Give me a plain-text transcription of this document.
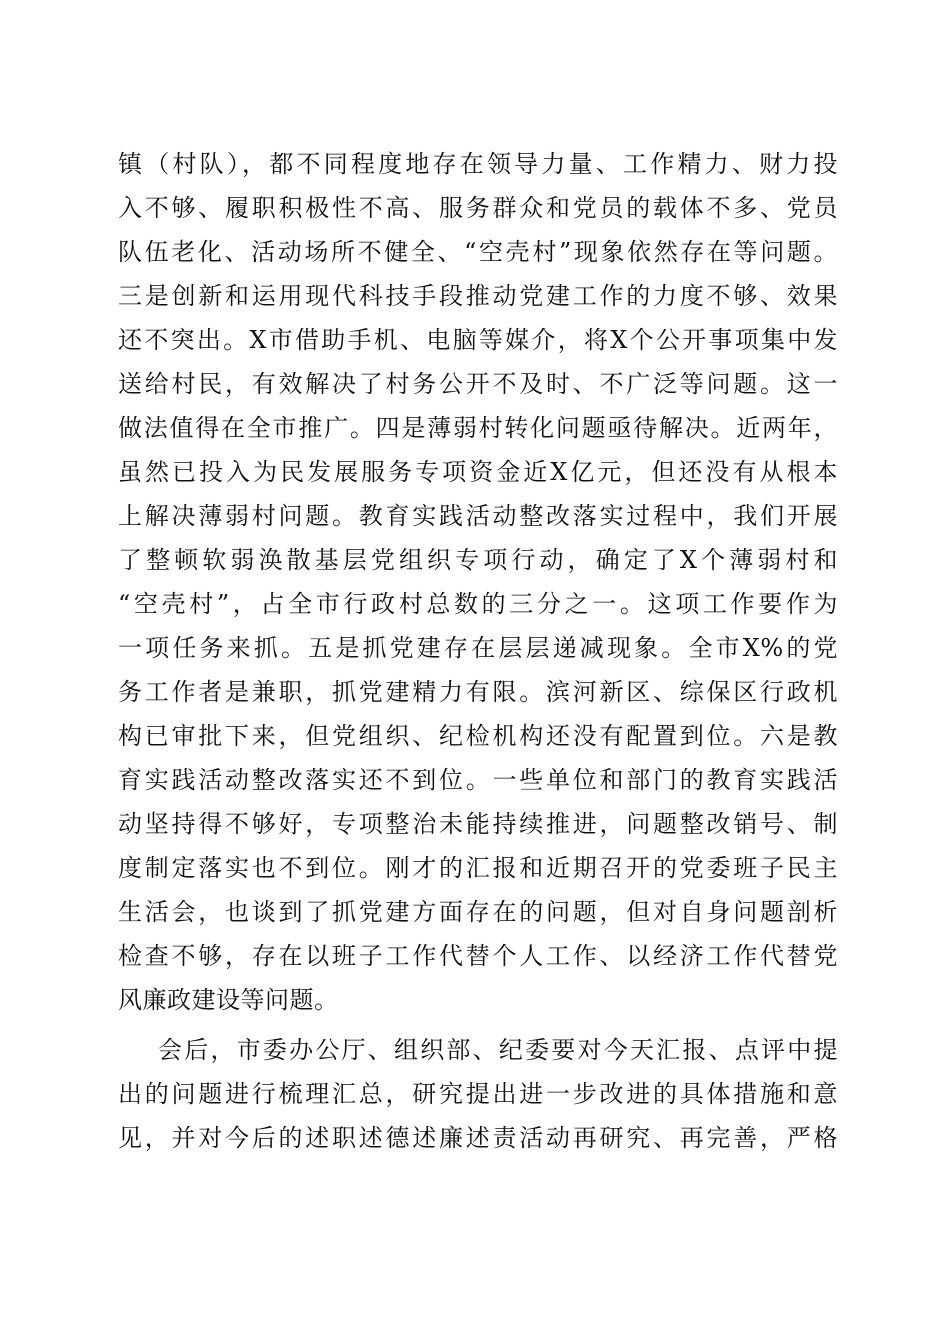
镇（村队），都不同程度地存在领导力量、工作精力、财力投
入不够、履职积极性不高、服务群众和党员的载体不多、党员
队伍老化、活动场所不健全、“空壳村”现象依然存在等问题。
三是创新和运用现代科技手段推动党建工作的力度不够、效果
还不突出。X市借助手机、电脑等媒介，将X个公开事项集中发
送给村民，有效解决了村务公开不及时、不广泛等问题。这一
做法值得在全市推广。四是薄弱村转化问题亟待解决。近两年，
虽然已投入为民发展服务专项资金近X亿元，但还没有从根本
上解决薄弱村问题。教育实践活动整改落实过程中，我们开展
了整顿软弱涣散基层党组织专项行动，确定了X个薄弱村和
“空壳村”，占全市行政村总数的三分之一。这项工作要作为
一项任务来抓。五是抓党建存在层层递减现象。全市X%的党
务工作者是兼职，抓党建精力有限。滨河新区、综保区行政机
构已审批下来，但党组织、纪检机构还没有配置到位。六是教
育实践活动整改落实还不到位。一些单位和部门的教育实践活
动坚持得不够好，专项整治未能持续推进，问题整改销号、制
度制定落实也不到位。刚才的汇报和近期召开的党委班子民主
生活会，也谈到了抓党建方面存在的问题，但对自身问题剖析
检查不够，存在以班子工作代替个人工作、以经济工作代替党
风廉政建设等问题。
会后，市委办公厅、组织部、纪委要对今天汇报、点评中提
出的问题进行梳理汇总，研究提出进一步改进的具体措施和意
见，并对今后的述职述德述廉述责活动再研究、再完善，严格
